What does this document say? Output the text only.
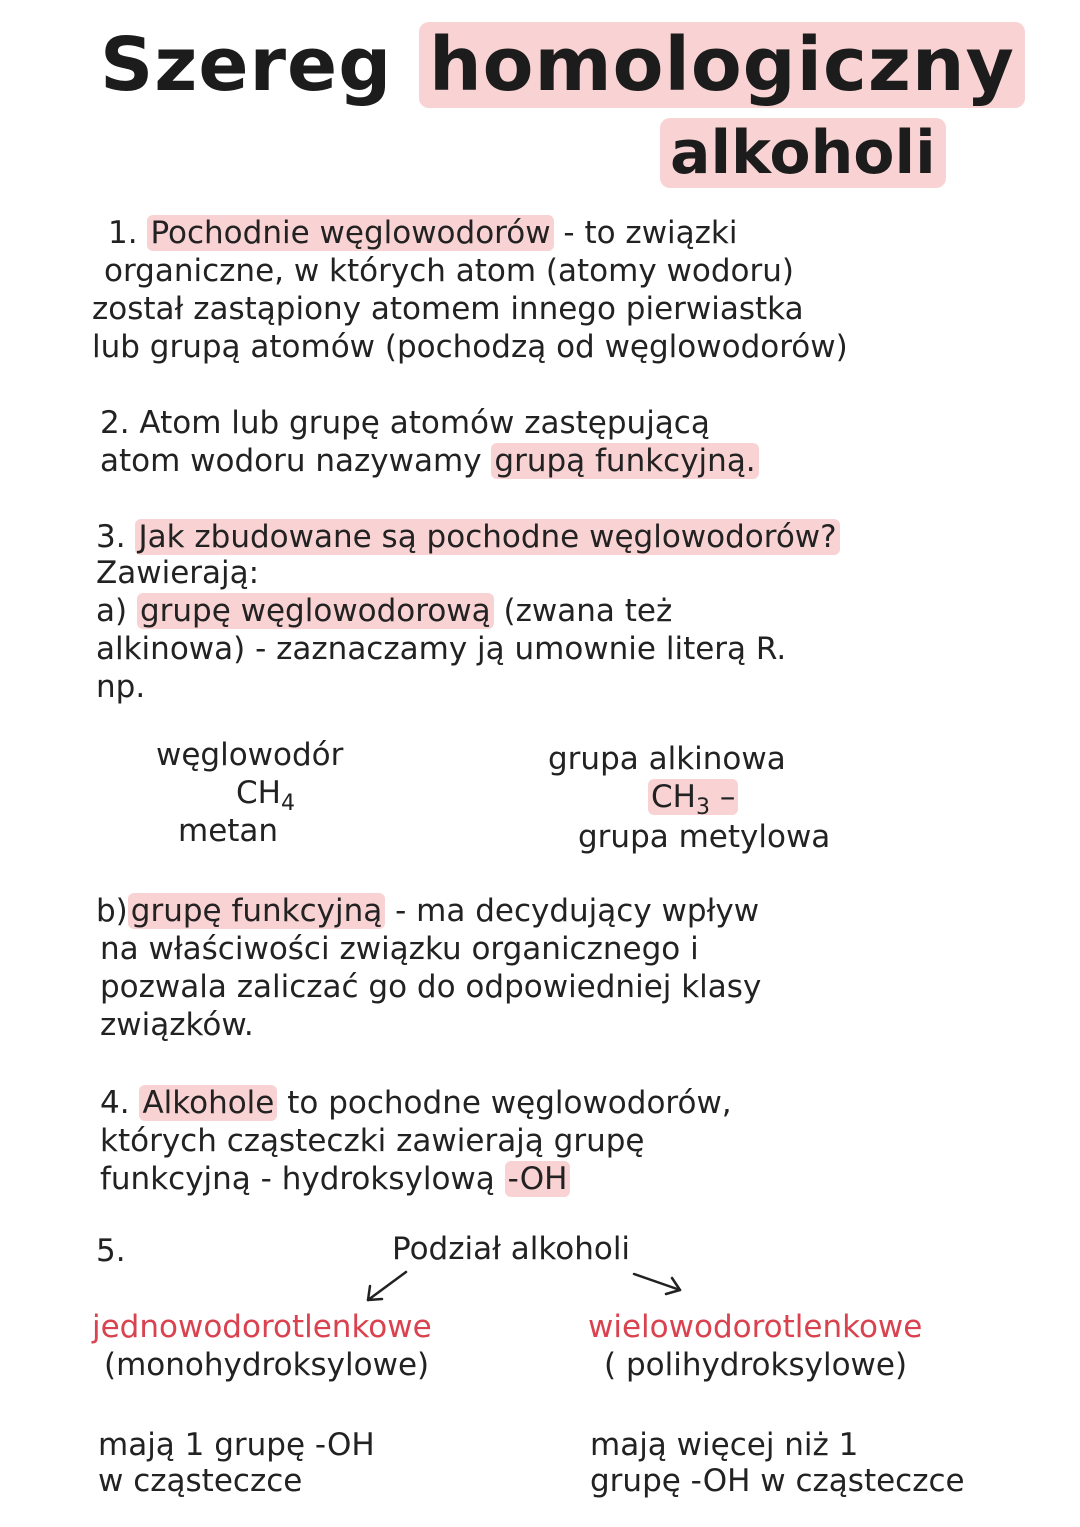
Szereg homologiczny
alkoholi
1. Pochodnie węglowodorów - to związki
organiczne, w których atom (atomy wodoru)
został zastąpiony atomem innego pierwiastka
lub grupą atomów (pochodzą od węglowodorów)
2. Atom lub grupę atomów zastępującą
atom wodoru nazywamy grupą funkcyjną.
3. Jak zbudowane są pochodne węglowodorów?
Zawierają:
a) grupę węglowodorową (zwana też
alkinowa) - zaznaczamy ją umownie literą R.
np.
węglowodór
$CH_4$
metan
grupa alkinowa
$CH_3$ –
grupa metylowa
b)grupę funkcyjną - ma decydujący wpływ
na właściwości związku organicznego i
pozwala zaliczać go do odpowiedniej klasy
związków.
4. Alkohole to pochodne węglowodorów,
których cząsteczki zawierają grupę
funkcyjną - hydroksylową -OH
5.	Podział alkoholi
jednowodorotlenkowe
(monohydroksylowe)
mają 1 grupę -OH
w cząsteczce
wielowodorotlenkowe
( polihydroksylowe)
mają więcej niż 1
grupę -OH w cząsteczce
